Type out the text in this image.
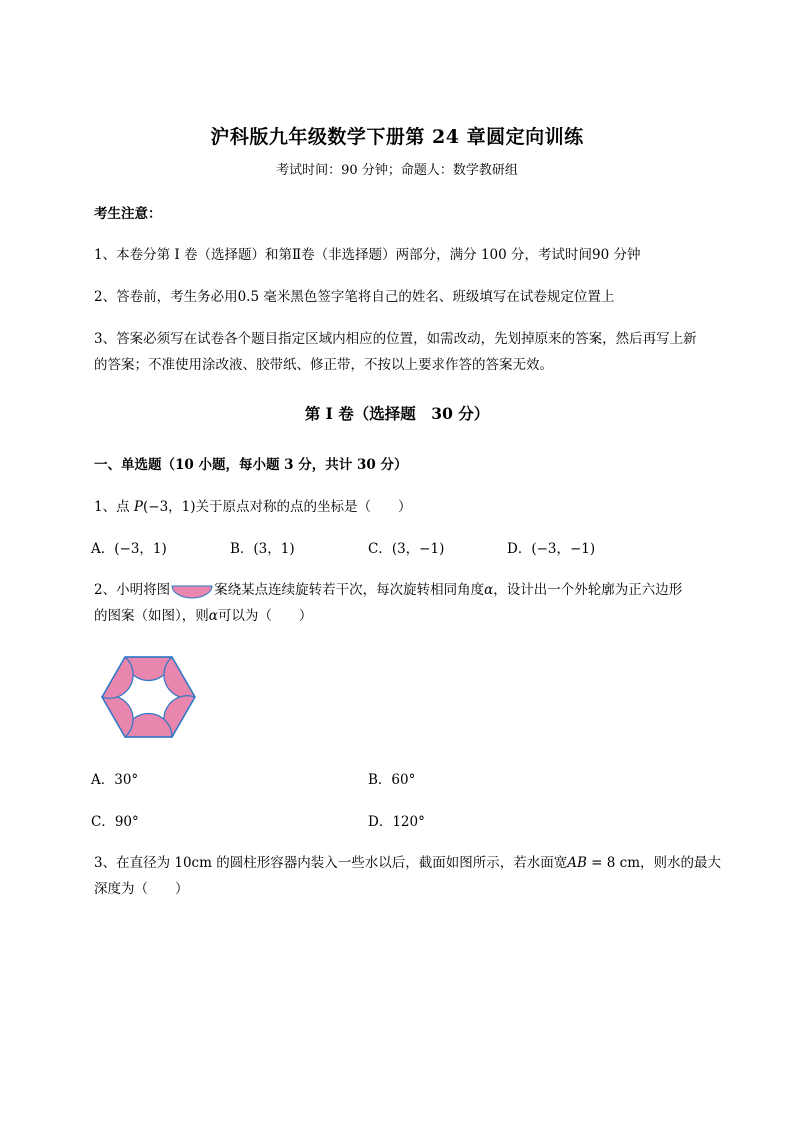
沪科版九年级数学下册第 24 章圆定向训练
考试时间：90 分钟；命题人：数学教研组
考生注意：
1、本卷分第 I 卷（选择题）和第Ⅱ卷（非选择题）两部分，满分 100 分，考试时间90 分钟
2、答卷前，考生务必用0.5 毫米黑色签字笔将自己的姓名、班级填写在试卷规定位置上
3、答案必须写在试卷各个题目指定区域内相应的位置，如需改动，先划掉原来的答案，然后再写上新
的答案；不准使用涂改液、胶带纸、修正带，不按以上要求作答的答案无效。
第 I 卷（选择题　30 分）
一、单选题（10 小题，每小题 3 分，共计 30 分）
1、点 P(−3，1)关于原点对称的点的坐标是（　　）
A．(−3，1)	B．(3，1)	C．(3，−1)	D．(−3，−1)
2、小明将图	案绕某点连续旋转若干次，每次旋转相同角度α，设计出一个外轮廓为正六边形
的图案（如图），则α可以为（　　）
A．30°	B．60°
C．90°	D．120°
3、在直径为 10cm 的圆柱形容器内装入一些水以后，截面如图所示，若水面宽AB = 8 cm，则水的最大
深度为（　　）
